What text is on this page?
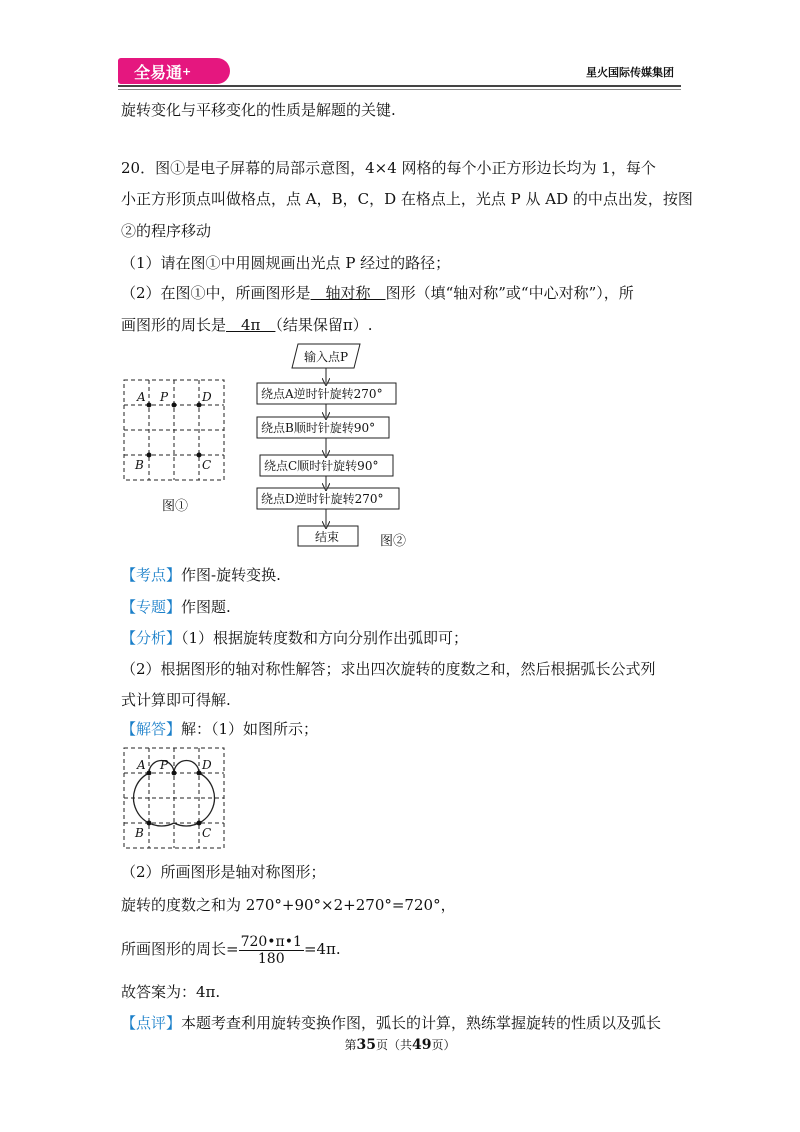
全易通 +	星火国际传媒集团
旋转变化与平移变化的性质是解题的关键.
20．图①是电子屏幕的局部示意图，4×4 网格的每个小正方形边长均为 1，每个
小正方形顶点叫做格点，点 A，B，C，D 在格点上，光点 P 从 AD 的中点出发，按图
②的程序移动
（1）请在图①中用圆规画出光点 P 经过的路径；
（2）在图①中，所画图形是　轴对称　图形（填“轴对称”或“中心对称”），所
画图形的周长是　4π　（结果保留π）.
A P	D
B	C
图①
输入点P
绕点A逆时针旋转270°
绕点B顺时针旋转90°
绕点C顺时针旋转90°
绕点D逆时针旋转270°
结束	图②
【考点】作图-旋转变换.
【专题】作图题.
【分析】（1）根据旋转度数和方向分别作出弧即可；
（2）根据图形的轴对称性解答；求出四次旋转的度数之和，然后根据弧长公式列
式计算即可得解.
【解答】解：（1）如图所示；
A P	D
B	C
（2）所画图形是轴对称图形；
旋转的度数之和为 270°+90°×2+270°=720°，
所画图形的周长= $\frac{720•\pi•1}{180} =4\pi$.
故答案为：4π.
【点评】本题考查利用旋转变换作图，弧长的计算，熟练掌握旋转的性质以及弧长
第35页（共49页）
